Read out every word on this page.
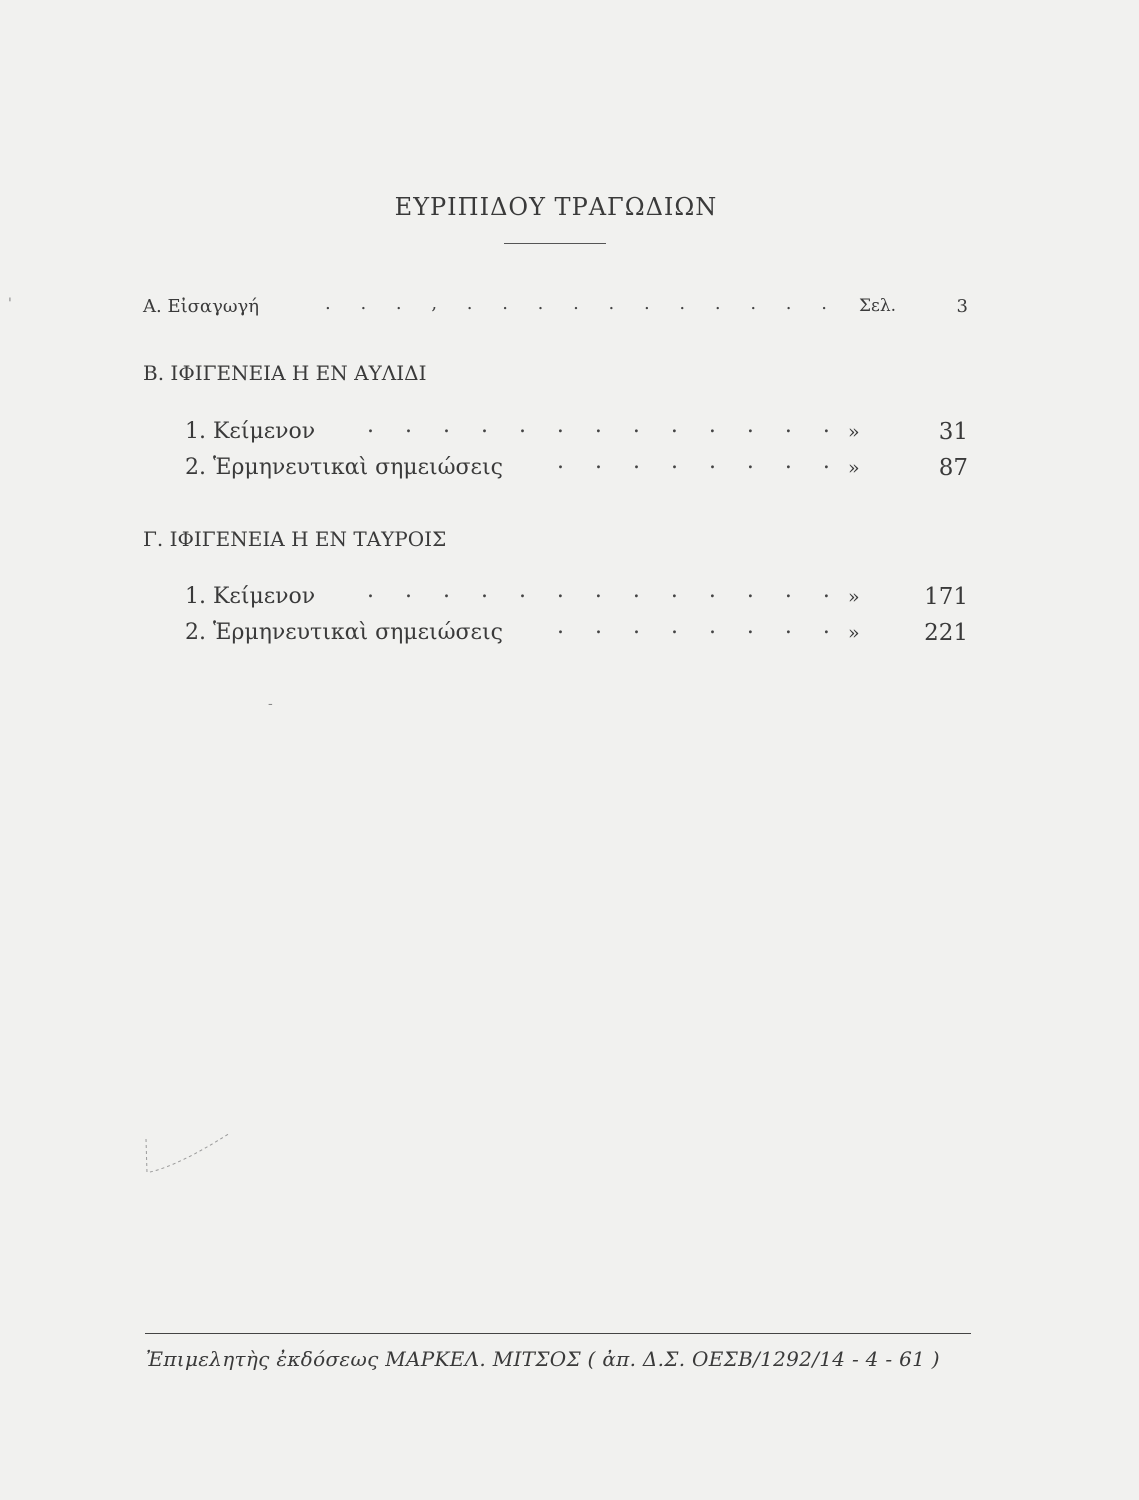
ΕΥΡΙΠΙΔΟΥ ΤΡΑΓΩΔΙΩΝ
Α. Εἰσαγωγή	. . . , . . . . . . . . . . . Σελ.	3
Β. ΙΦΙΓΕΝΕΙΑ Η ΕΝ ΑΥΛΙΔΙ
1. Κείμενον . . . . . . . . . . . . . »	31
2. Ἑρμηνευτικαὶ σημειώσεις . . . . . . . . »	87
Γ. ΙΦΙΓΕΝΕΙΑ Η ΕΝ ΤΑΥΡΟΙΣ
1. Κείμενον . . . . . . . . . . . . . »	171
2. Ἑρμηνευτικαὶ σημειώσεις . . . . . . . . »	221
'
-
Ἐπιμελητὴς ἐκδόσεως ΜΑΡΚΕΛ. ΜΙΤΣΟΣ ( ἀπ. Δ.Σ. ΟΕΣΒ/1292/14 - 4 - 61 )
